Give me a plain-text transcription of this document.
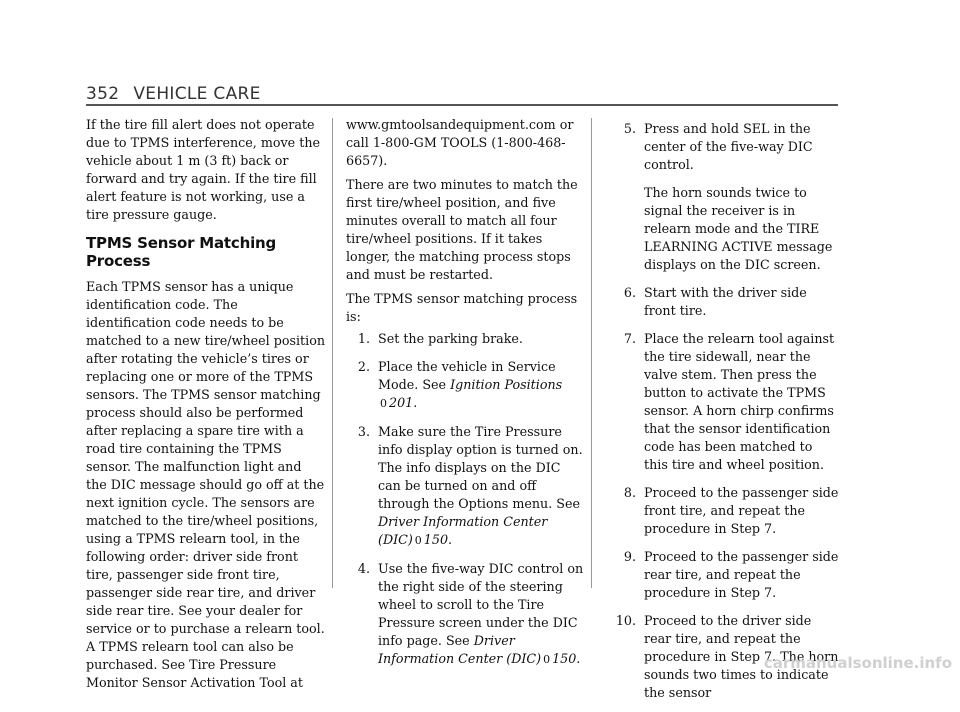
352 VEHICLE CARE

If the tire fill alert does not operate due to TPMS interference, move the vehicle about 1 m (3 ft) back or forward and try again. If the tire fill alert feature is not working, use a tire pressure gauge.

TPMS Sensor Matching Process

Each TPMS sensor has a unique identification code. The identification code needs to be matched to a new tire/wheel position after rotating the vehicle’s tires or replacing one or more of the TPMS sensors. The TPMS sensor matching process should also be performed after replacing a spare tire with a road tire containing the TPMS sensor. The malfunction light and the DIC message should go off at the next ignition cycle. The sensors are matched to the tire/wheel positions, using a TPMS relearn tool, in the following order: driver side front tire, passenger side front tire, passenger side rear tire, and driver side rear tire. See your dealer for service or to purchase a relearn tool. A TPMS relearn tool can also be purchased. See Tire Pressure Monitor Sensor Activation Tool at

www.gmtoolsandequipment.com or call 1-800-GM TOOLS (1-800-468-6657).

There are two minutes to match the first tire/wheel position, and five minutes overall to match all four tire/wheel positions. If it takes longer, the matching process stops and must be restarted.

The TPMS sensor matching process is:

1. Set the parking brake.
2. Place the vehicle in Service Mode. See Ignition Positions
0 201.
3. Make sure the Tire Pressure info display option is turned on. The info displays on the DIC can be turned on and off through the Options menu. See Driver Information Center (DIC) 0 150.
4. Use the five-way DIC control on the right side of the steering wheel to scroll to the Tire Pressure screen under the DIC info page. See Driver Information Center (DIC) 0 150.
5. Press and hold SEL in the center of the five-way DIC control.

The horn sounds twice to signal the receiver is in relearn mode and the TIRE LEARNING ACTIVE message displays on the DIC screen.

6. Start with the driver side front tire.
7. Place the relearn tool against the tire sidewall, near the valve stem. Then press the button to activate the TPMS sensor. A horn chirp confirms that the sensor identification code has been matched to this tire and wheel position.
8. Proceed to the passenger side front tire, and repeat the procedure in Step 7.
9. Proceed to the passenger side rear tire, and repeat the procedure in Step 7.
10. Proceed to the driver side rear tire, and repeat the procedure in Step 7. The horn sounds two times to indicate the sensor
carmanualsonline.info
